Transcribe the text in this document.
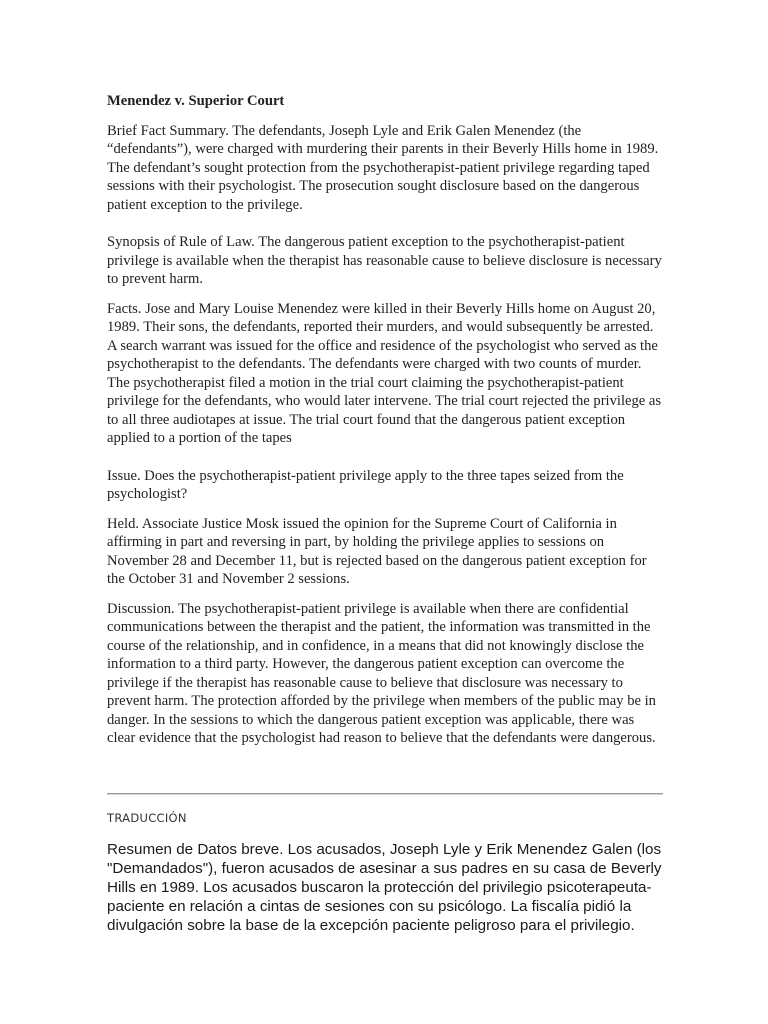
Menendez v. Superior Court

Brief Fact Summary. The defendants, Joseph Lyle and Erik Galen Menendez (the “defendants”), were charged with murdering their parents in their Beverly Hills home in 1989. The defendant’s sought protection from the psychotherapist-patient privilege regarding taped sessions with their psychologist. The prosecution sought disclosure based on the dangerous patient exception to the privilege.

Synopsis of Rule of Law. The dangerous patient exception to the psychotherapist-patient privilege is available when the therapist has reasonable cause to believe disclosure is necessary to prevent harm.

Facts. Jose and Mary Louise Menendez were killed in their Beverly Hills home on August 20, 1989. Their sons, the defendants, reported their murders, and would subsequently be arrested. A search warrant was issued for the office and residence of the psychologist who served as the psychotherapist to the defendants. The defendants were charged with two counts of murder. The psychotherapist filed a motion in the trial court claiming the psychotherapist-patient privilege for the defendants, who would later intervene. The trial court rejected the privilege as to all three audiotapes at issue. The trial court found that the dangerous patient exception applied to a portion of the tapes

Issue. Does the psychotherapist-patient privilege apply to the three tapes seized from the psychologist?

Held. Associate Justice Mosk issued the opinion for the Supreme Court of California in affirming in part and reversing in part, by holding the privilege applies to sessions on November 28 and December 11, but is rejected based on the dangerous patient exception for the October 31 and November 2 sessions.

Discussion. The psychotherapist-patient privilege is available when there are confidential communications between the therapist and the patient, the information was transmitted in the course of the relationship, and in confidence, in a means that did not knowingly disclose the information to a third party. However, the dangerous patient exception can overcome the privilege if the therapist has reasonable cause to believe that disclosure was necessary to prevent harm. The protection afforded by the privilege when members of the public may be in danger. In the sessions to which the dangerous patient exception was applicable, there was clear evidence that the psychologist had reason to believe that the defendants were dangerous.

TRADUCCIÓN

Resumen de Datos breve. Los acusados, Joseph Lyle y Erik Menendez Galen (los "Demandados"), fueron acusados de asesinar a sus padres en su casa de Beverly Hills en 1989. Los acusados buscaron la protección del privilegio psicoterapeuta-paciente en relación a cintas de sesiones con su psicólogo. La fiscalía pidió la divulgación sobre la base de la excepción paciente peligroso para el privilegio.
